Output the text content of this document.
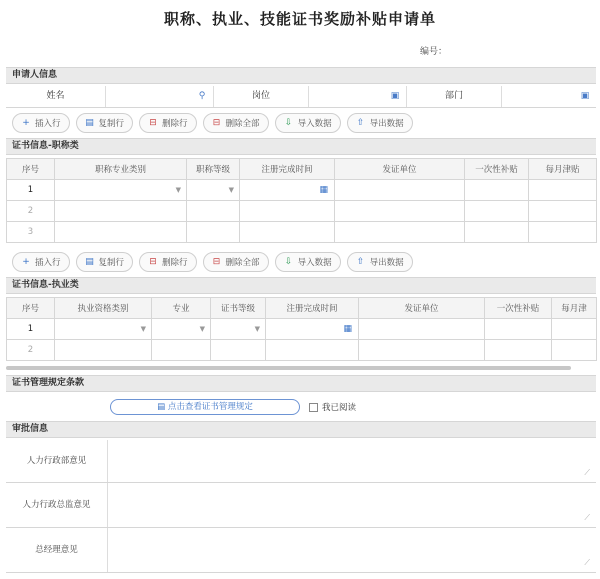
职称、执业、技能证书奖励补贴申请单
编号：
申请人信息
姓名	⚲	岗位	▣	部门	▣
+ 插入行	▤ 复制行	⊟ 删除行	⊟ 删除全部	⇩ 导入数据	⇧ 导出数据
证书信息-职称类
序号	职称专业类别	职称等级	注册完成时间	发证单位	一次性补贴	每月津贴
1	▼	▼	▦			

2						
3						
+ 插入行	▤ 复制行	⊟ 删除行	⊟ 删除全部	⇩ 导入数据	⇧ 导出数据
证书信息-执业类
序号	执业资格类别	专业	证书等级	注册完成时间	发证单位	一次性补贴	每月津
1	▼	▼	▼	▦			

2							
证书管理规定条款
▤ 点击查看证书管理规定	我已阅读
审批信息
人力行政部意见
⟋
人力行政总监意见
⟋
总经理意见
⟋
